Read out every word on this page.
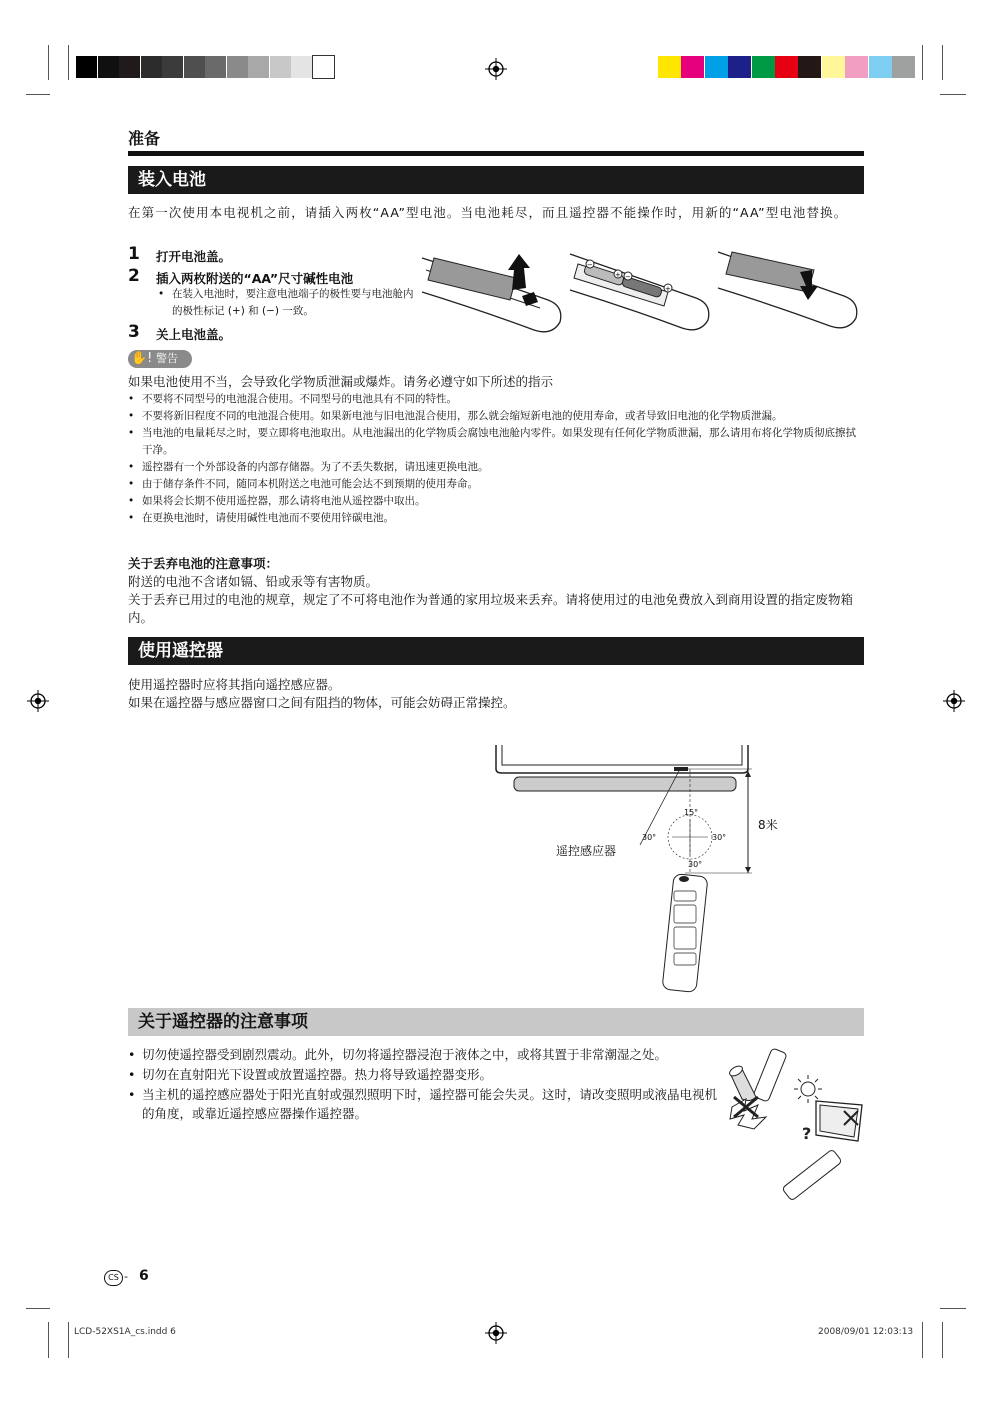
准备
装入电池
在第一次使用本电视机之前，请插入两枚“AA”型电池。当电池耗尽，而且遥控器不能操作时，用新的“AA”型电池替换。
1 打开电池盖。
2 插入两枚附送的“AA”尺寸碱性电池
• 在装入电池时，要注意电池端子的极性要与电池舱内的极性标记 (+) 和 (−) 一致。
3 关上电池盖。
−
+ −
+
✋! 警告
如果电池使用不当，会导致化学物质泄漏或爆炸。请务必遵守如下所述的指示
• 不要将不同型号的电池混合使用。不同型号的电池具有不同的特性。
• 不要将新旧程度不同的电池混合使用。如果新电池与旧电池混合使用，那么就会缩短新电池的使用寿命，或者导致旧电池的化学物质泄漏。
• 当电池的电量耗尽之时，要立即将电池取出。从电池漏出的化学物质会腐蚀电池舱内零件。如果发现有任何化学物质泄漏，那么请用布将化学物质彻底擦拭干净。
• 遥控器有一个外部设备的内部存储器。为了不丢失数据，请迅速更换电池。
• 由于储存条件不同，随同本机附送之电池可能会达不到预期的使用寿命。
• 如果将会长期不使用遥控器，那么请将电池从遥控器中取出。
• 在更换电池时，请使用碱性电池而不要使用锌碳电池。
关于丢弃电池的注意事项：
附送的电池不含诸如镉、铅或汞等有害物质。
关于丢弃已用过的电池的规章，规定了不可将电池作为普通的家用垃圾来丢弃。请将使用过的电池免费放入到商用设置的指定废物箱内。
使用遥控器
使用遥控器时应将其指向遥控感应器。
如果在遥控器与感应器窗口之间有阻挡的物体，可能会妨碍正常操控。
15°
30°	30°
30°
遥控感应器
8米
关于遥控器的注意事项
• 切勿使遥控器受到剧烈震动。此外，切勿将遥控器浸泡于液体之中，或将其置于非常潮湿之处。
• 切勿在直射阳光下设置或放置遥控器。热力将导致遥控器变形。
• 当主机的遥控感应器处于阳光直射或强烈照明下时，遥控器可能会失灵。这时，请改变照明或液晶电视机的角度，或靠近遥控感应器操作遥控器。
?
CS - 6
LCD-52XS1A_cs.indd 6	2008/09/01 12:03:13
